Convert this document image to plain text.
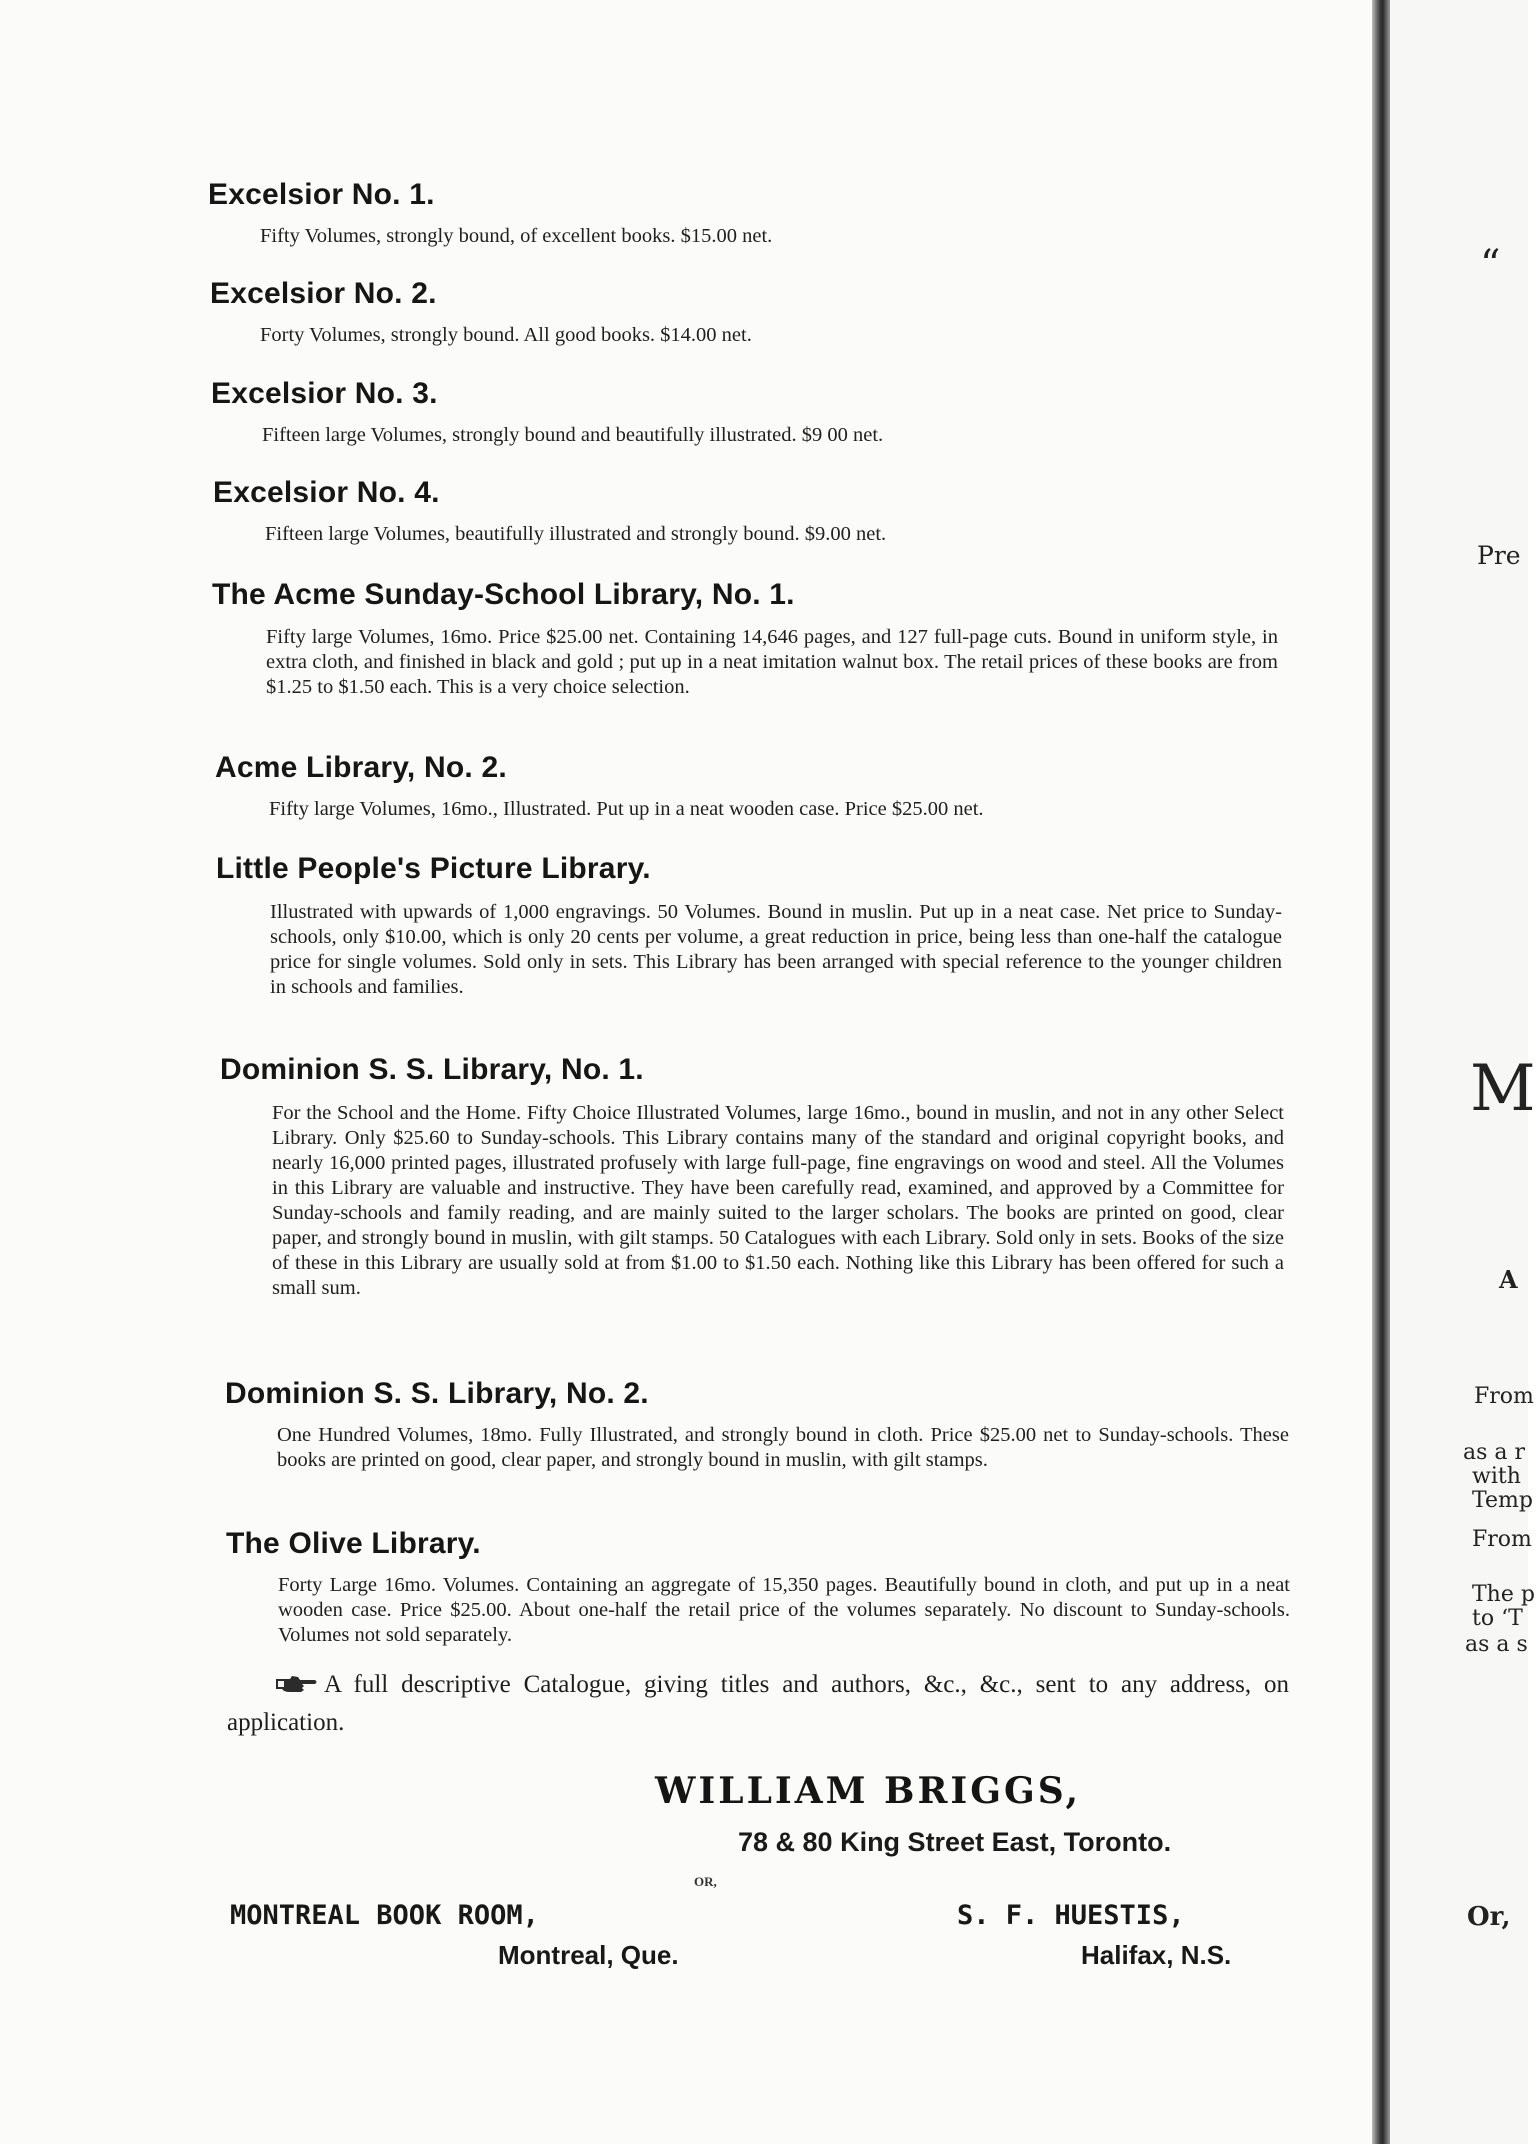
Excelsior No. 1.

Fifty Volumes, strongly bound, of excellent books. $15.00 net.

Excelsior No. 2.

Forty Volumes, strongly bound. All good books. $14.00 net.

Excelsior No. 3.

Fifteen large Volumes, strongly bound and beautifully illustrated. $9 00 net.

Excelsior No. 4.

Fifteen large Volumes, beautifully illustrated and strongly bound. $9.00 net.

The Acme Sunday-School Library, No. 1.

Fifty large Volumes, 16mo. Price $25.00 net. Containing 14,646 pages, and 127 full-page cuts. Bound in uniform style, in extra cloth, and finished in black and gold ; put up in a neat imitation walnut box. The retail prices of these books are from $1.25 to $1.50 each. This is a very choice selection.

Acme Library, No. 2.

Fifty large Volumes, 16mo., Illustrated. Put up in a neat wooden case. Price $25.00 net.

Little People's Picture Library.

Illustrated with upwards of 1,000 engravings. 50 Volumes. Bound in muslin. Put up in a neat case. Net price to Sunday-schools, only $10.00, which is only 20 cents per volume, a great reduction in price, being less than one-half the catalogue price for single volumes. Sold only in sets. This Library has been arranged with special reference to the younger children in schools and families.

Dominion S. S. Library, No. 1.

For the School and the Home. Fifty Choice Illustrated Volumes, large 16mo., bound in muslin, and not in any other Select Library. Only $25.60 to Sunday-schools. This Library contains many of the standard and original copyright books, and nearly 16,000 printed pages, illustrated profusely with large full-page, fine engravings on wood and steel. All the Volumes in this Library are valuable and instructive. They have been carefully read, examined, and approved by a Committee for Sunday-schools and family reading, and are mainly suited to the larger scholars. The books are printed on good, clear paper, and strongly bound in muslin, with gilt stamps. 50 Catalogues with each Library. Sold only in sets. Books of the size of these in this Library are usually sold at from $1.00 to $1.50 each. Nothing like this Library has been offered for such a small sum.

Dominion S. S. Library, No. 2.

One Hundred Volumes, 18mo. Fully Illustrated, and strongly bound in cloth. Price $25.00 net to Sunday-schools. These books are printed on good, clear paper, and strongly bound in muslin, with gilt stamps.

The Olive Library.

Forty Large 16mo. Volumes. Containing an aggregate of 15,350 pages. Beautifully bound in cloth, and put up in a neat wooden case. Price $25.00. About one-half the retail price of the volumes separately. No discount to Sunday-schools. Volumes not sold separately.

A full descriptive Catalogue, giving titles and authors, &c., &c., sent to any address, on application.
WILLIAM BRIGGS,
78 & 80 King Street East, Toronto.
OR,
MONTREAL BOOK ROOM,
Montreal, Que.
S. F. HUESTIS,
Halifax, N.S.
“
Pre
M
A
From
as a r
with
Temp
From
The p
to ‘T
as a s
Or,
